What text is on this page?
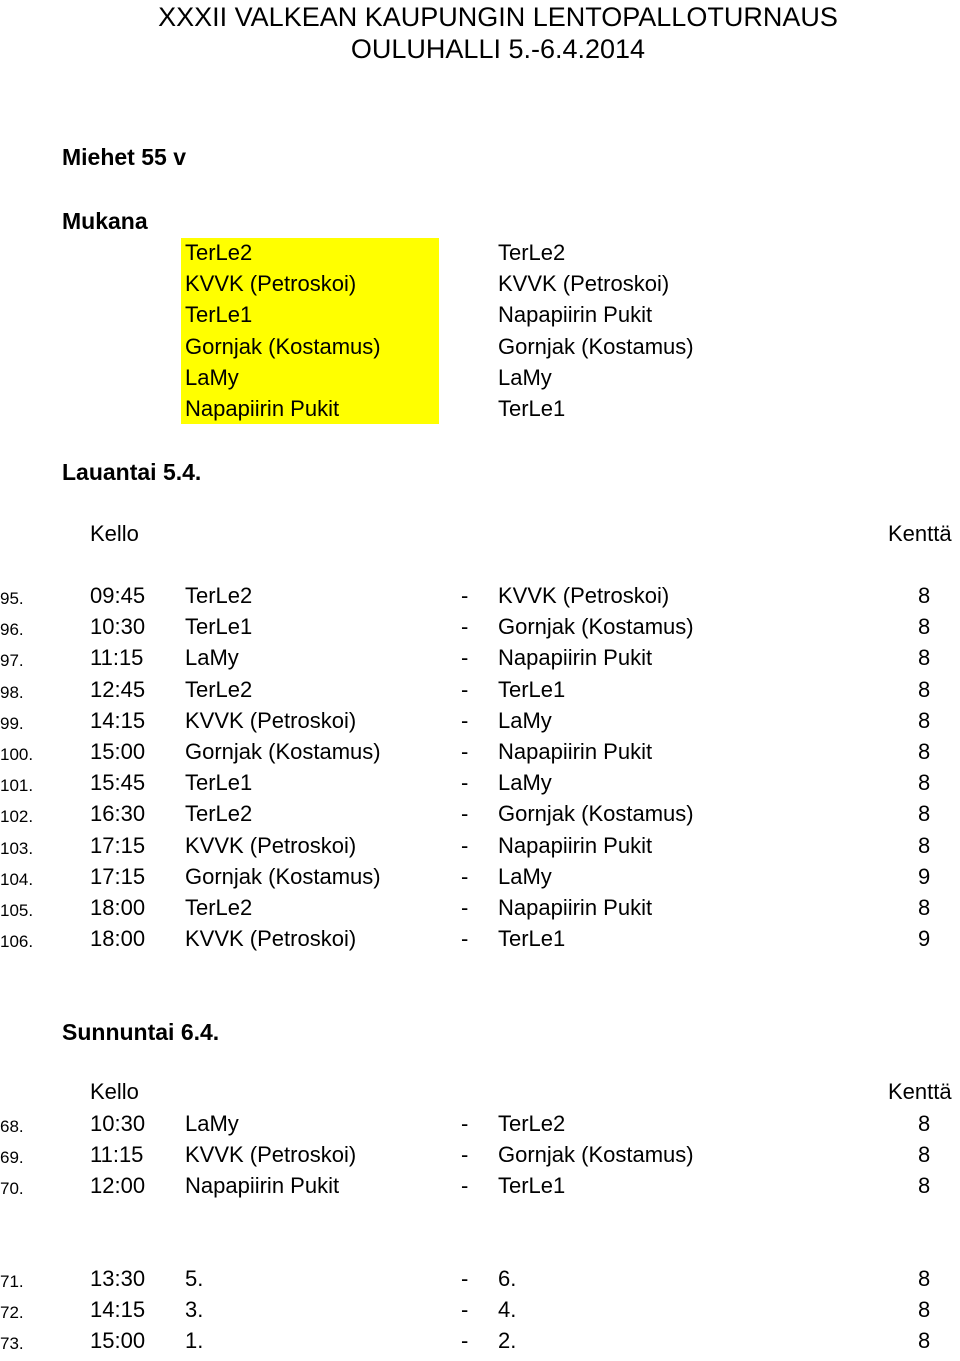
XXXII VALKEAN KAUPUNGIN LENTOPALLOTURNAUS
OULUHALLI 5.-6.4.2014
Miehet 55 v
Mukana
TerLe2
KVVK (Petroskoi)
TerLe1
Gornjak (Kostamus)
LaMy
Napapiirin Pukit
TerLe2
KVVK (Petroskoi)
Napapiirin Pukit
Gornjak (Kostamus)
LaMy
TerLe1
Lauantai 5.4.
Kello	Kenttä
95.	09:45 TerLe2	- KVVK (Petroskoi)	8
96.	10:30 TerLe1	- Gornjak (Kostamus)	8
97.	11:15 LaMy	- Napapiirin Pukit	8
98.	12:45 TerLe2	- TerLe1	8
99.	14:15 KVVK (Petroskoi)	- LaMy	8
100.	15:00 Gornjak (Kostamus)	- Napapiirin Pukit	8
101.	15:45 TerLe1	- LaMy	8
102.	16:30 TerLe2	- Gornjak (Kostamus)	8
103.	17:15 KVVK (Petroskoi)	- Napapiirin Pukit	8
104.	17:15 Gornjak (Kostamus)	- LaMy	9
105.	18:00 TerLe2	- Napapiirin Pukit	8
106.	18:00 KVVK (Petroskoi)	- TerLe1	9
Sunnuntai 6.4.
Kello	Kenttä
68.	10:30 LaMy	- TerLe2	8
69.	11:15 KVVK (Petroskoi)	- Gornjak (Kostamus)	8
70.	12:00 Napapiirin Pukit	- TerLe1	8
71.	13:30 5.	- 6.	8
72.	14:15 3.	- 4.	8
73.	15:00 1.	- 2.	8
